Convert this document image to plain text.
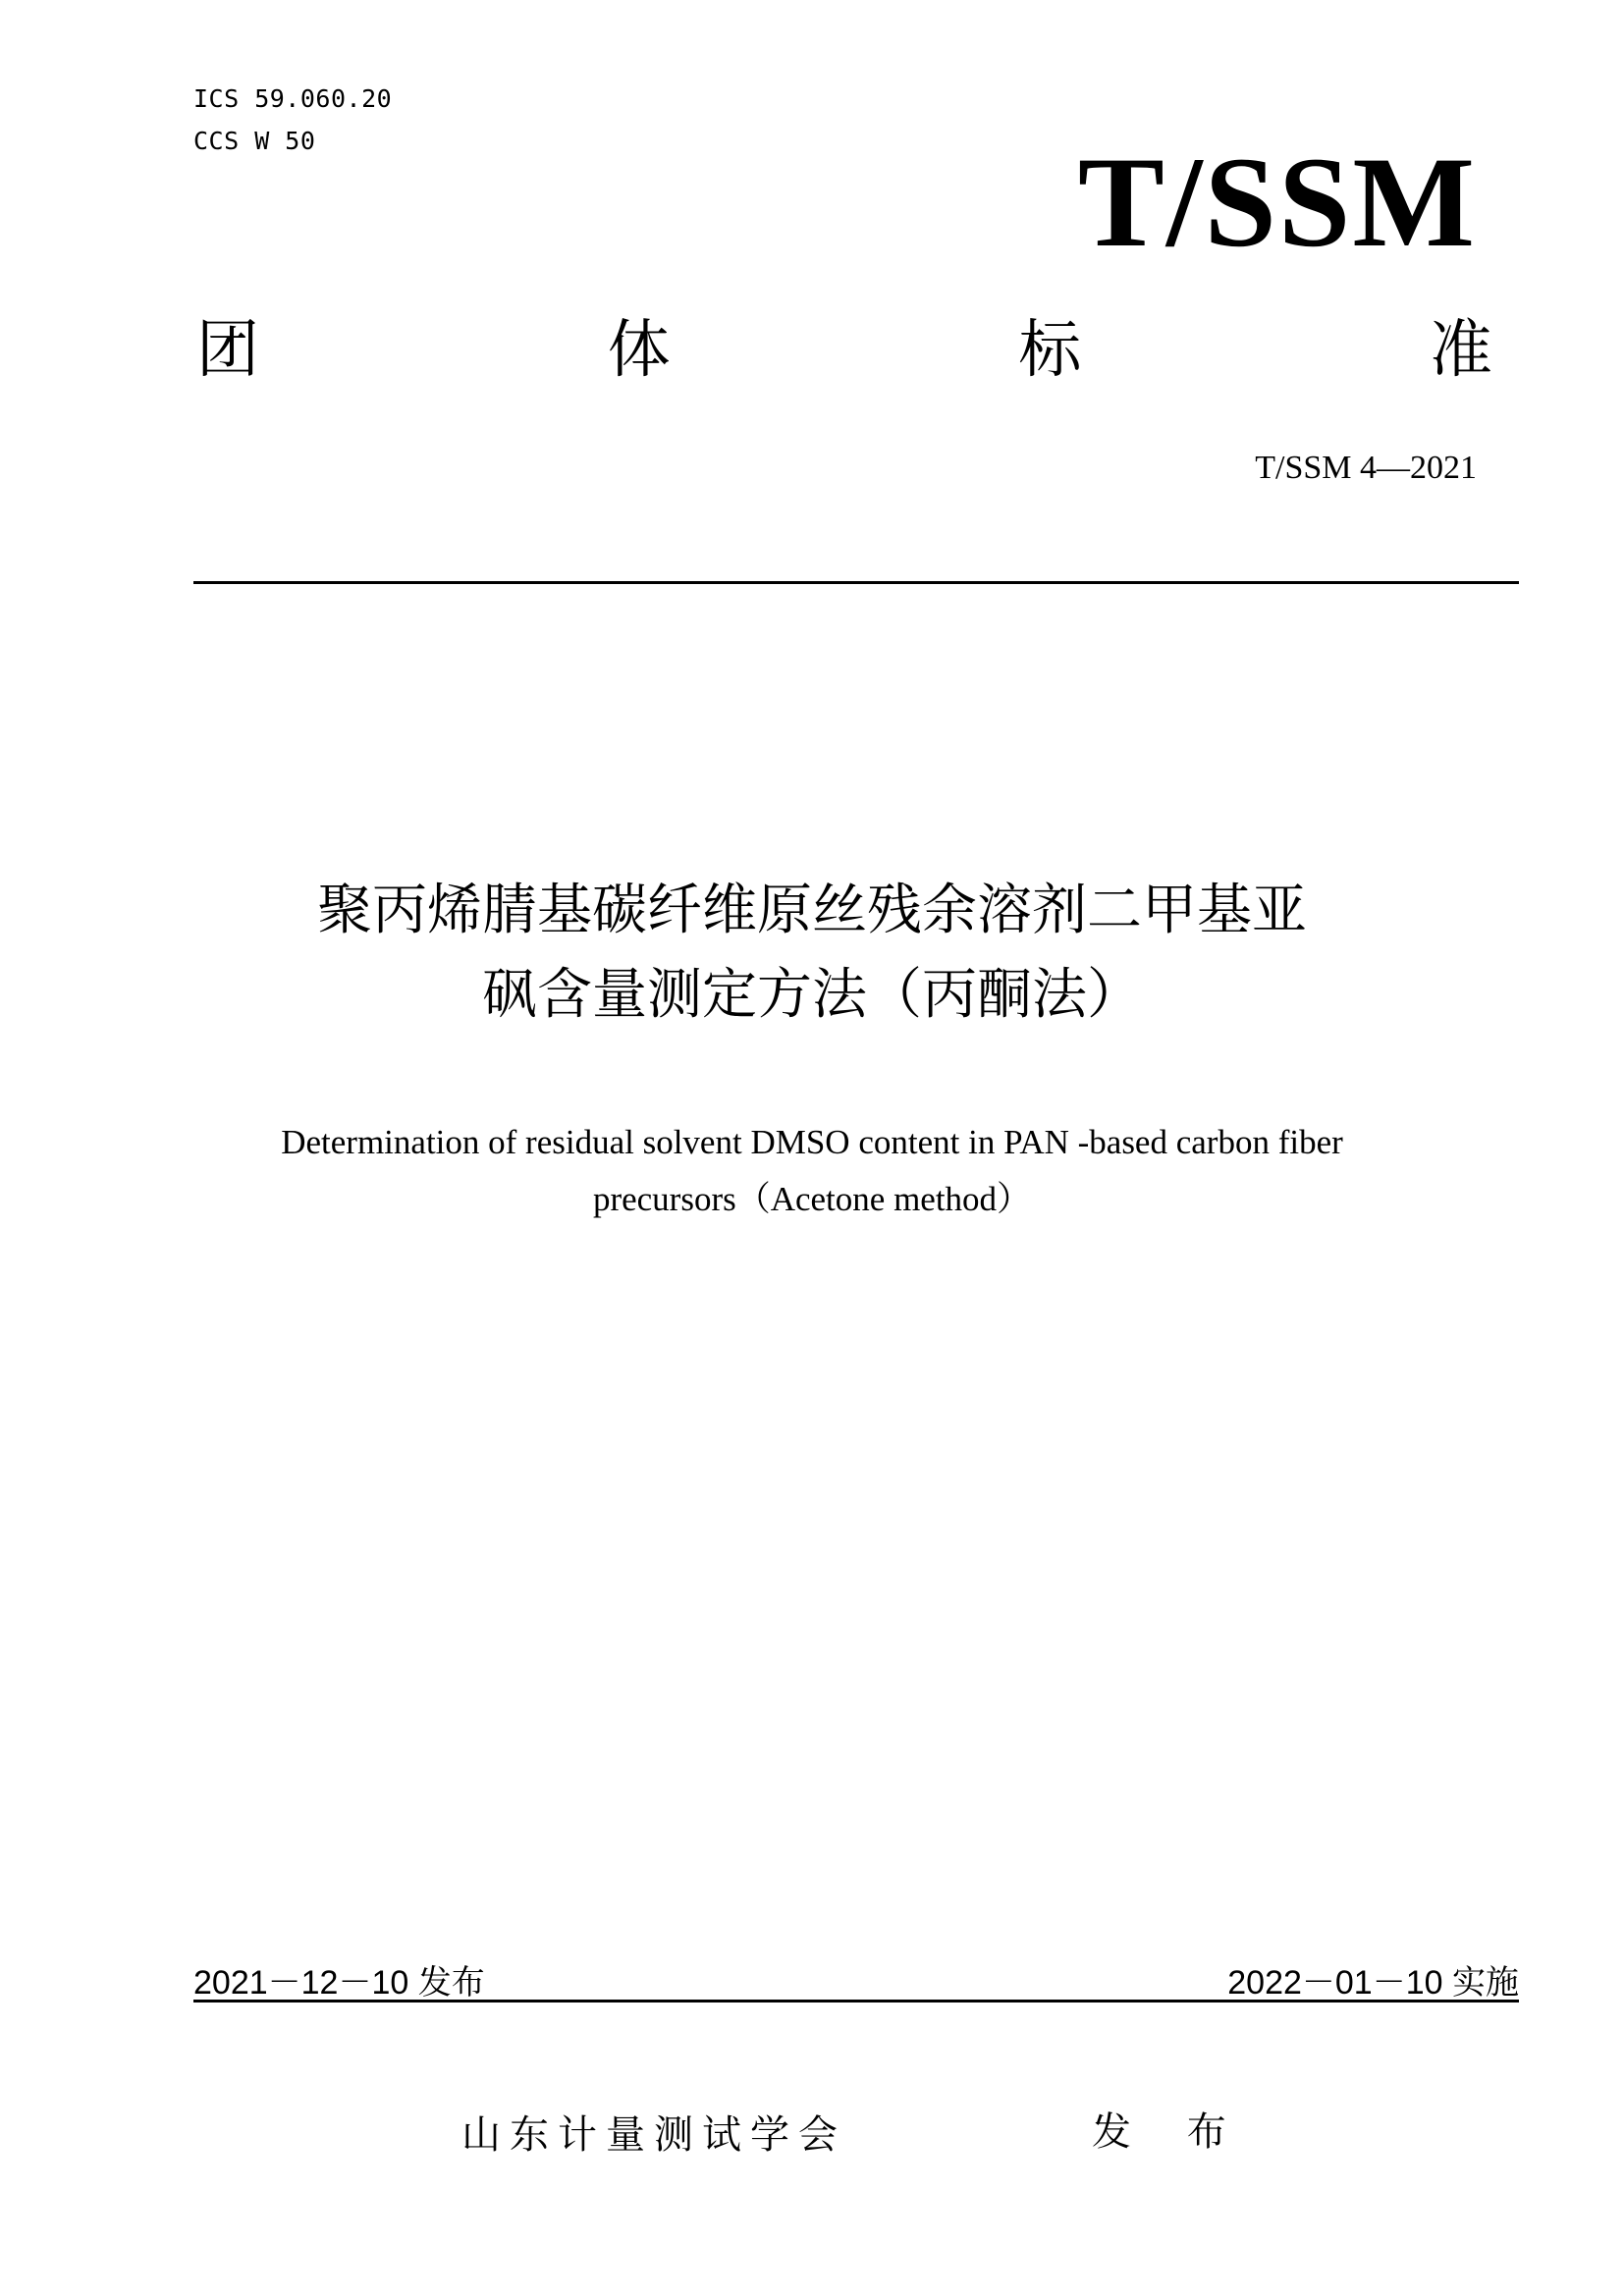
ICS 59.060.20
CCS W 50	T/SSM
团	体	标	准
T/SSM 4—2021
聚丙烯腈基碳纤维原丝残余溶剂二甲基亚
砜含量测定方法（丙酮法）
Determination of residual solvent DMSO content in PAN -based carbon fiber
precursors（Acetone method）
2021－12－10 发布	2022－01－10 实施
山东计量测试学会	发 布
